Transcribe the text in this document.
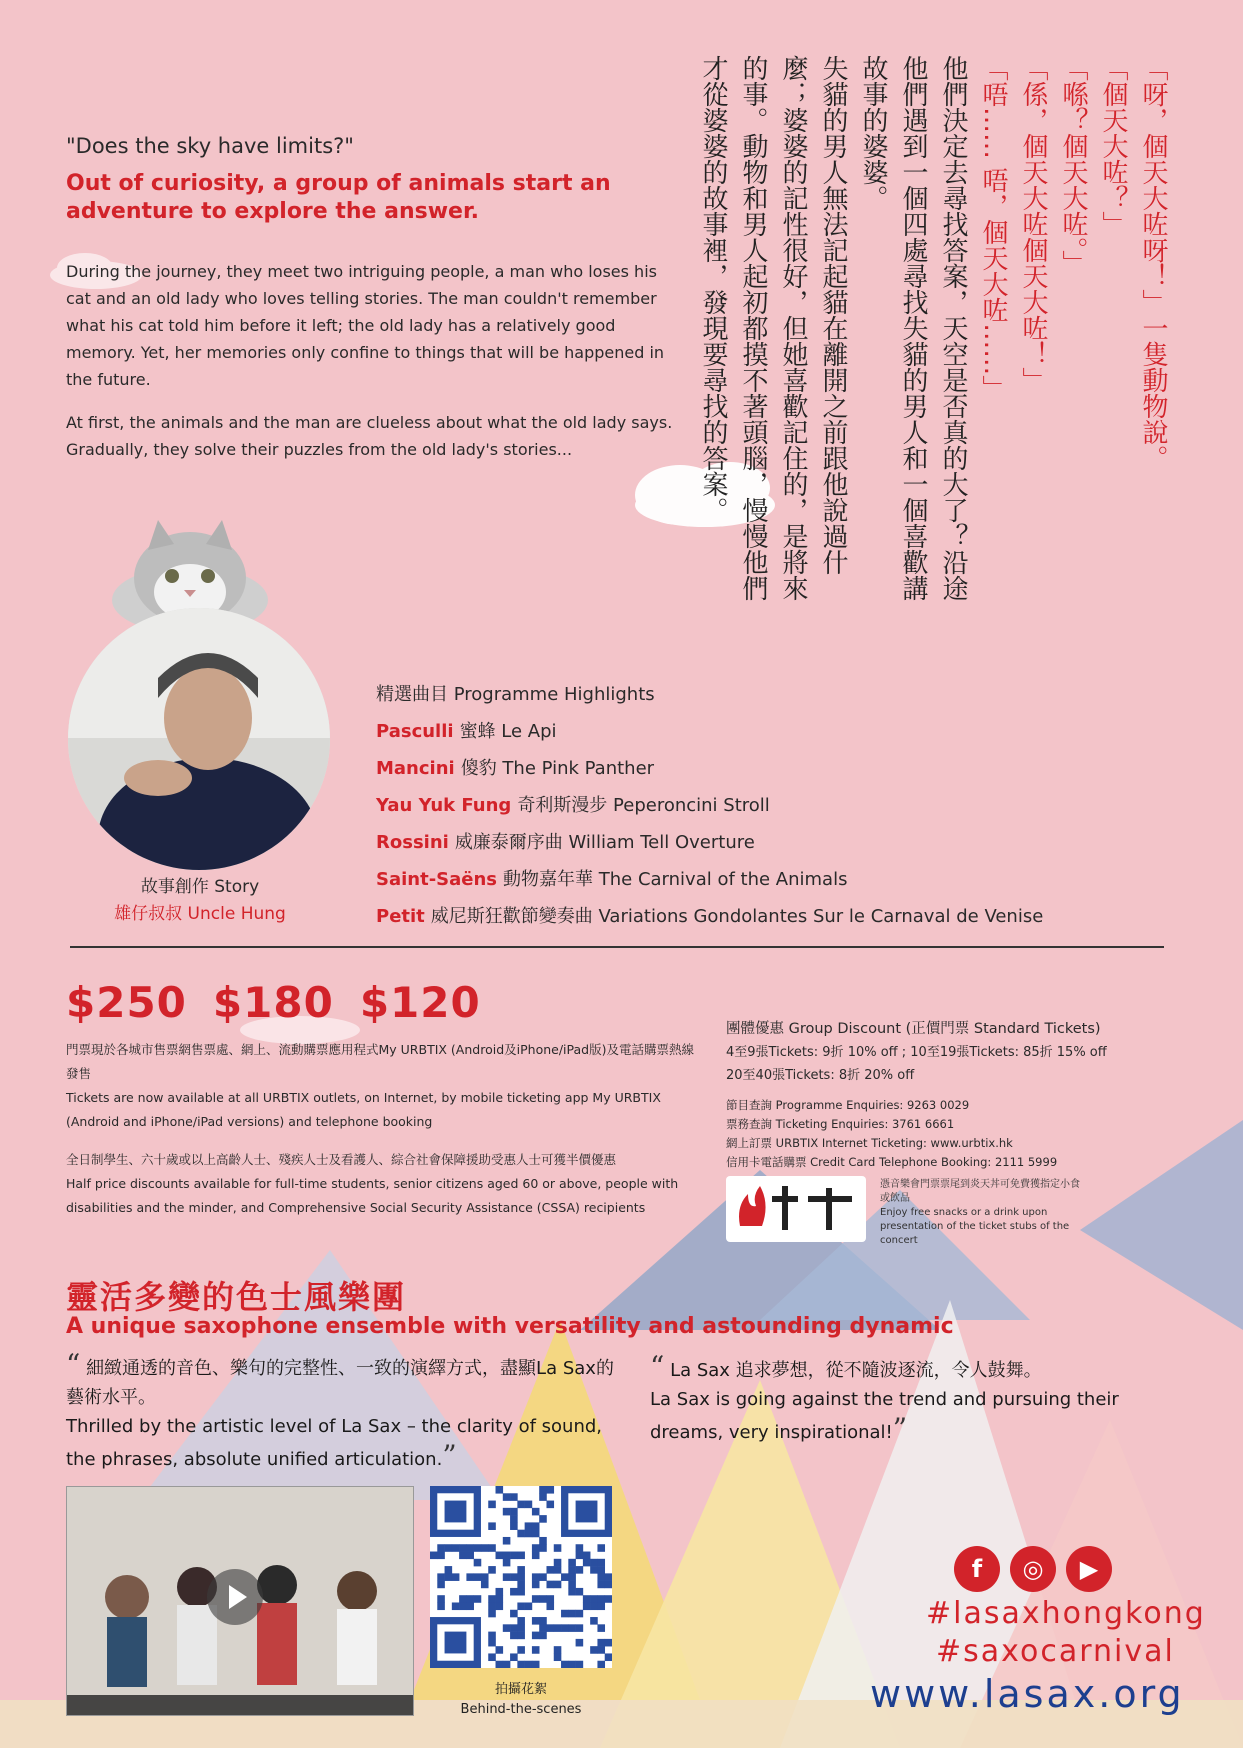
「呀，個天大咗呀！」一隻動物說。

「個天大咗？」

「喺？個天大咗。」

「係，個天大咗個天大咗！」

「唔…… 唔，個天大咗……」

他們決定去尋找答案，天空是否真的大了？沿途他們遇到一個四處尋找失貓的男人和一個喜歡講故事的婆婆。

失貓的男人無法記起貓在離開之前跟他說過什麼；婆婆的記性很好，但她喜歡記住的，是將來的事。動物和男人起初都摸不著頭腦，慢慢他們才從婆婆的故事裡，發現要尋找的答案。

"Does the sky have limits?"
Out of curiosity, a group of animals start an adventure to explore the answer.

During the journey, they meet two intriguing people, a man who loses his cat and an old lady who loves telling stories. The man couldn't remember what his cat told him before it left; the old lady has a relatively good memory. Yet, her memories only confine to things that will be happened in the future.

At first, the animals and the man are clueless about what the old lady says. Gradually, they solve their puzzles from the old lady's stories...

故事創作 Story
雄仔叔叔 Uncle Hung
精選曲目 Programme Highlights
Pasculli 蜜蜂 Le Api
Mancini 傻豹 The Pink Panther
Yau Yuk Fung 奇利斯漫步 Peperoncini Stroll
Rossini 威廉泰爾序曲 William Tell Overture
Saint-Saëns 動物嘉年華 The Carnival of the Animals
Petit 威尼斯狂歡節變奏曲 Variations Gondolantes Sur le Carnaval de Venise
$250 $180 $120

門票現於各城市售票網售票處、網上、流動購票應用程式My URBTIX (Android及iPhone/iPad版)及電話購票熱線發售
Tickets are now available at all URBTIX outlets, on Internet, by mobile ticketing app My URBTIX (Android and iPhone/iPad versions) and telephone booking

全日制學生、六十歲或以上高齡人士、殘疾人士及看護人、綜合社會保障援助受惠人士可獲半價優惠
Half price discounts available for full-time students, senior citizens aged 60 or above, people with disabilities and the minder, and Comprehensive Social Security Assistance (CSSA) recipients

團體優惠 Group Discount (正價門票 Standard Tickets)
4至9張Tickets: 9折 10% off ; 10至19張Tickets: 85折 15% off
20至40張Tickets: 8折 20% off
節目查詢 Programme Enquiries: 9263 0029
票務查詢 Ticketing Enquiries: 3761 6661
網上訂票 URBTIX Internet Ticketing: www.urbtix.hk
信用卡電話購票 Credit Card Telephone Booking: 2111 5999
憑音樂會門票票尾到炎天丼可免費獲指定小食或飲品
Enjoy free snacks or a drink upon presentation of the ticket stubs of the concert
靈活多變的色士風樂團
A unique saxophone ensemble with versatility and astounding dynamic
“ 細緻通透的音色、樂句的完整性、一致的演繹方式，盡顯La Sax的藝術水平。
Thrilled by the artistic level of La Sax – the clarity of sound, the phrases, absolute unified articulation.”
“ La Sax 追求夢想，從不隨波逐流，令人鼓舞。
La Sax is going against the trend and pursuing their dreams, very inspirational!”
拍攝花絮
Behind-the-scenes
f ◎ ▶
#lasaxhongkong
#saxocarnival
www.lasax.org
